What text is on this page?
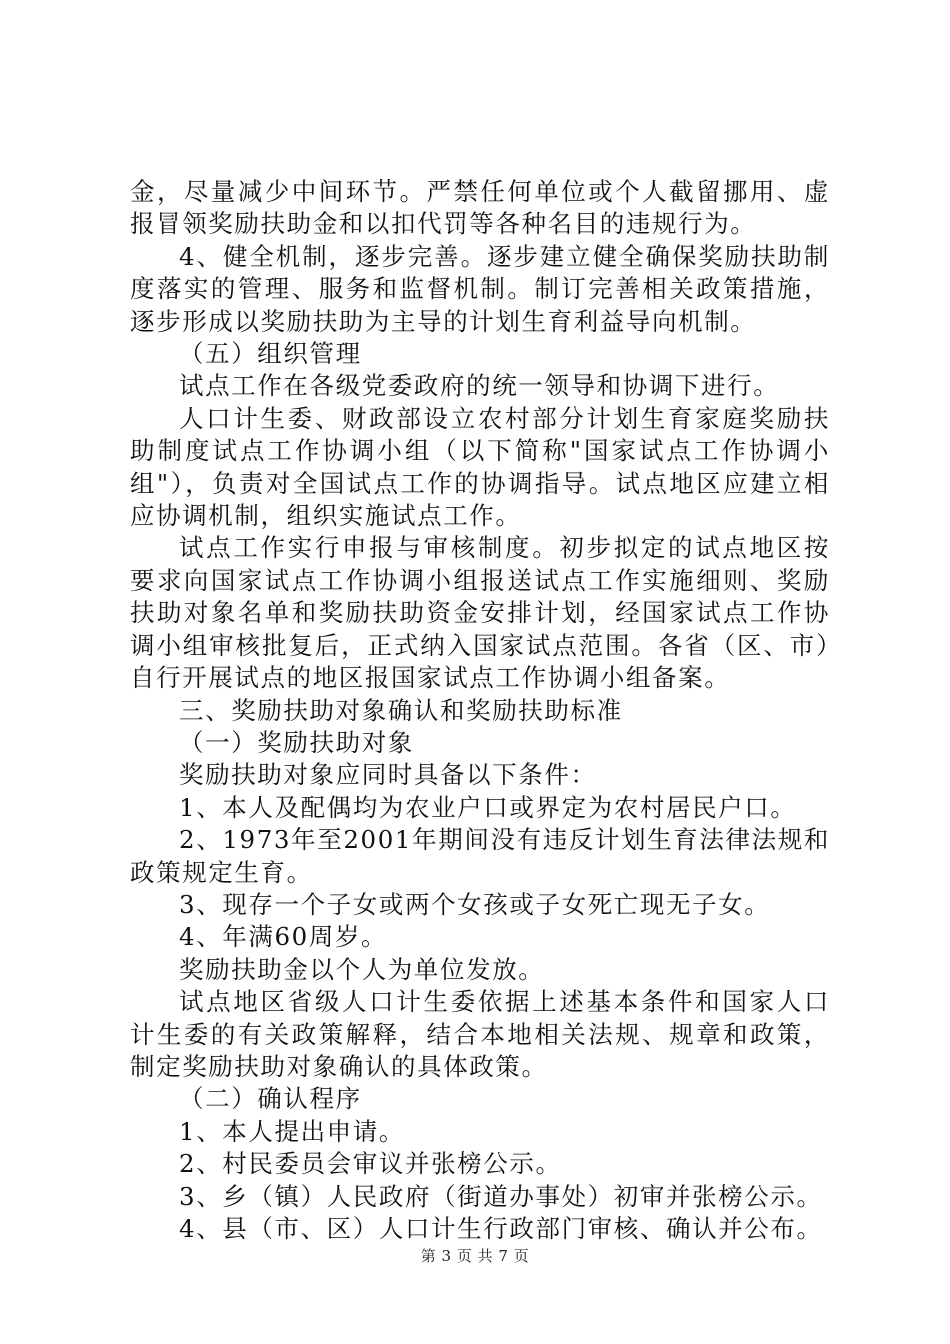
金，尽量减少中间环节。严禁任何单位或个人截留挪用、虚报冒领奖励扶助金和以扣代罚等各种名目的违规行为。

4、健全机制，逐步完善。逐步建立健全确保奖励扶助制度落实的管理、服务和监督机制。制订完善相关政策措施，逐步形成以奖励扶助为主导的计划生育利益导向机制。

（五）组织管理

试点工作在各级党委政府的统一领导和协调下进行。

人口计生委、财政部设立农村部分计划生育家庭奖励扶助制度试点工作协调小组（以下简称"国家试点工作协调小组"），负责对全国试点工作的协调指导。试点地区应建立相应协调机制，组织实施试点工作。

试点工作实行申报与审核制度。初步拟定的试点地区按要求向国家试点工作协调小组报送试点工作实施细则、奖励扶助对象名单和奖励扶助资金安排计划，经国家试点工作协调小组审核批复后，正式纳入国家试点范围。各省（区、市）自行开展试点的地区报国家试点工作协调小组备案。

三、奖励扶助对象确认和奖励扶助标准

（一）奖励扶助对象

奖励扶助对象应同时具备以下条件：

1、本人及配偶均为农业户口或界定为农村居民户口。

2、1973年至2001年期间没有违反计划生育法律法规和政策规定生育。

3、现存一个子女或两个女孩或子女死亡现无子女。

4、年满60周岁。

奖励扶助金以个人为单位发放。

试点地区省级人口计生委依据上述基本条件和国家人口计生委的有关政策解释，结合本地相关法规、规章和政策，制定奖励扶助对象确认的具体政策。

（二）确认程序

1、本人提出申请。

2、村民委员会审议并张榜公示。

3、乡（镇）人民政府（街道办事处）初审并张榜公示。

4、县（市、区）人口计生行政部门审核、确认并公布。

第 3 页 共 7 页
